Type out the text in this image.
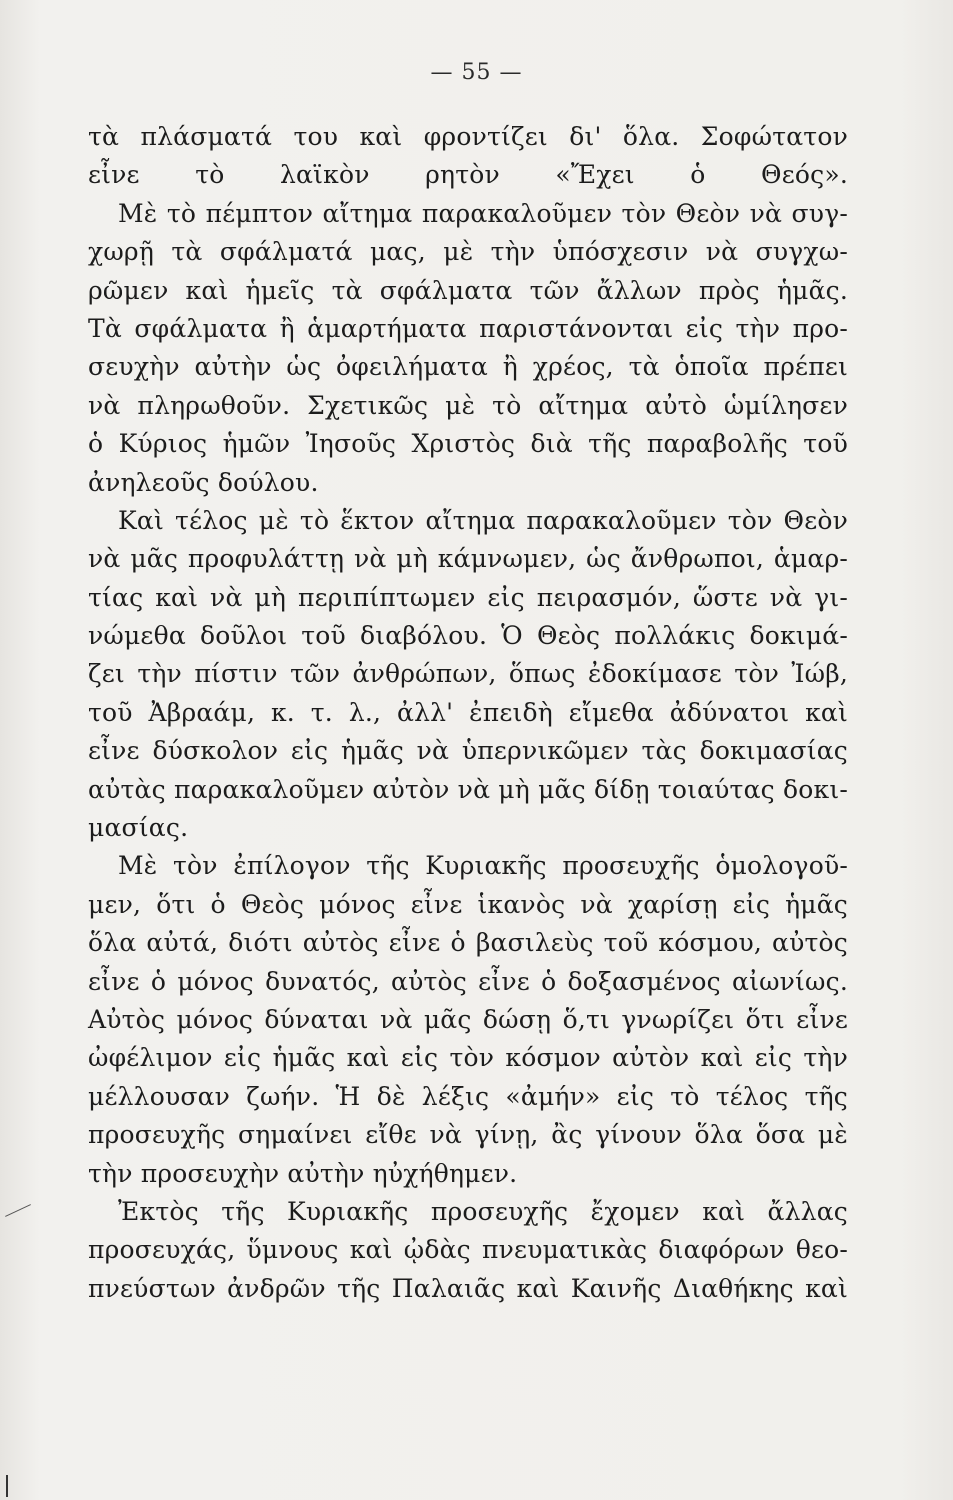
— 55 —
τὰ πλάσματά του καὶ φροντίζει δι' ὅλα. Σοφώτατον
εἶνε τὸ λαϊκὸν ρητὸν «Ἔχει ὁ Θεός».
Μὲ τὸ πέμπτον αἴτημα παρακαλοῦμεν τὸν Θεὸν νὰ συγ-
χωρῇ τὰ σφάλματά μας, μὲ τὴν ὑπόσχεσιν νὰ συγχω-
ρῶμεν καὶ ἡμεῖς τὰ σφάλματα τῶν ἄλλων πρὸς ἡμᾶς.
Τὰ σφάλματα ἢ ἁμαρτήματα παριστάνονται εἰς τὴν προ-
σευχὴν αὐτὴν ὡς ὀφειλήματα ἢ χρέος, τὰ ὁποῖα πρέπει
νὰ πληρωθοῦν. Σχετικῶς μὲ τὸ αἴτημα αὐτὸ ὡμίλησεν
ὁ Κύριος ἡμῶν Ἰησοῦς Χριστὸς διὰ τῆς παραβολῆς τοῦ
ἀνηλεοῦς δούλου.
Καὶ τέλος μὲ τὸ ἕκτον αἴτημα παρακαλοῦμεν τὸν Θεὸν
νὰ μᾶς προφυλάττῃ νὰ μὴ κάμνωμεν, ὡς ἄνθρωποι, ἁμαρ-
τίας καὶ νὰ μὴ περιπίπτωμεν εἰς πειρασμόν, ὥστε νὰ γι-
νώμεθα δοῦλοι τοῦ διαβόλου. Ὁ Θεὸς πολλάκις δοκιμά-
ζει τὴν πίστιν τῶν ἀνθρώπων, ὅπως ἐδοκίμασε τὸν Ἰώβ,
τοῦ Ἀβραάμ, κ. τ. λ., ἀλλ' ἐπειδὴ εἴμεθα ἀδύνατοι καὶ
εἶνε δύσκολον εἰς ἡμᾶς νὰ ὑπερνικῶμεν τὰς δοκιμασίας
αὐτὰς παρακαλοῦμεν αὐτὸν νὰ μὴ μᾶς δίδῃ τοιαύτας δοκι-
μασίας.
Μὲ τὸν ἐπίλογον τῆς Κυριακῆς προσευχῆς ὁμολογοῦ-
μεν, ὅτι ὁ Θεὸς μόνος εἶνε ἱκανὸς νὰ χαρίσῃ εἰς ἡμᾶς
ὅλα αὐτά, διότι αὐτὸς εἶνε ὁ βασιλεὺς τοῦ κόσμου, αὐτὸς
εἶνε ὁ μόνος δυνατός, αὐτὸς εἶνε ὁ δοξασμένος αἰωνίως.
Αὐτὸς μόνος δύναται νὰ μᾶς δώσῃ ὅ,τι γνωρίζει ὅτι εἶνε
ὠφέλιμον εἰς ἡμᾶς καὶ εἰς τὸν κόσμον αὐτὸν καὶ εἰς τὴν
μέλλουσαν ζωήν. Ἡ δὲ λέξις «ἀμήν» εἰς τὸ τέλος τῆς
προσευχῆς σημαίνει εἴθε νὰ γίνῃ, ἂς γίνουν ὅλα ὅσα μὲ
τὴν προσευχὴν αὐτὴν ηὐχήθημεν.
Ἐκτὸς τῆς Κυριακῆς προσευχῆς ἔχομεν καὶ ἄλλας
προσευχάς, ὕμνους καὶ ᾠδὰς πνευματικὰς διαφόρων θεο-
πνεύστων ἀνδρῶν τῆς Παλαιᾶς καὶ Καινῆς Διαθήκης καὶ
